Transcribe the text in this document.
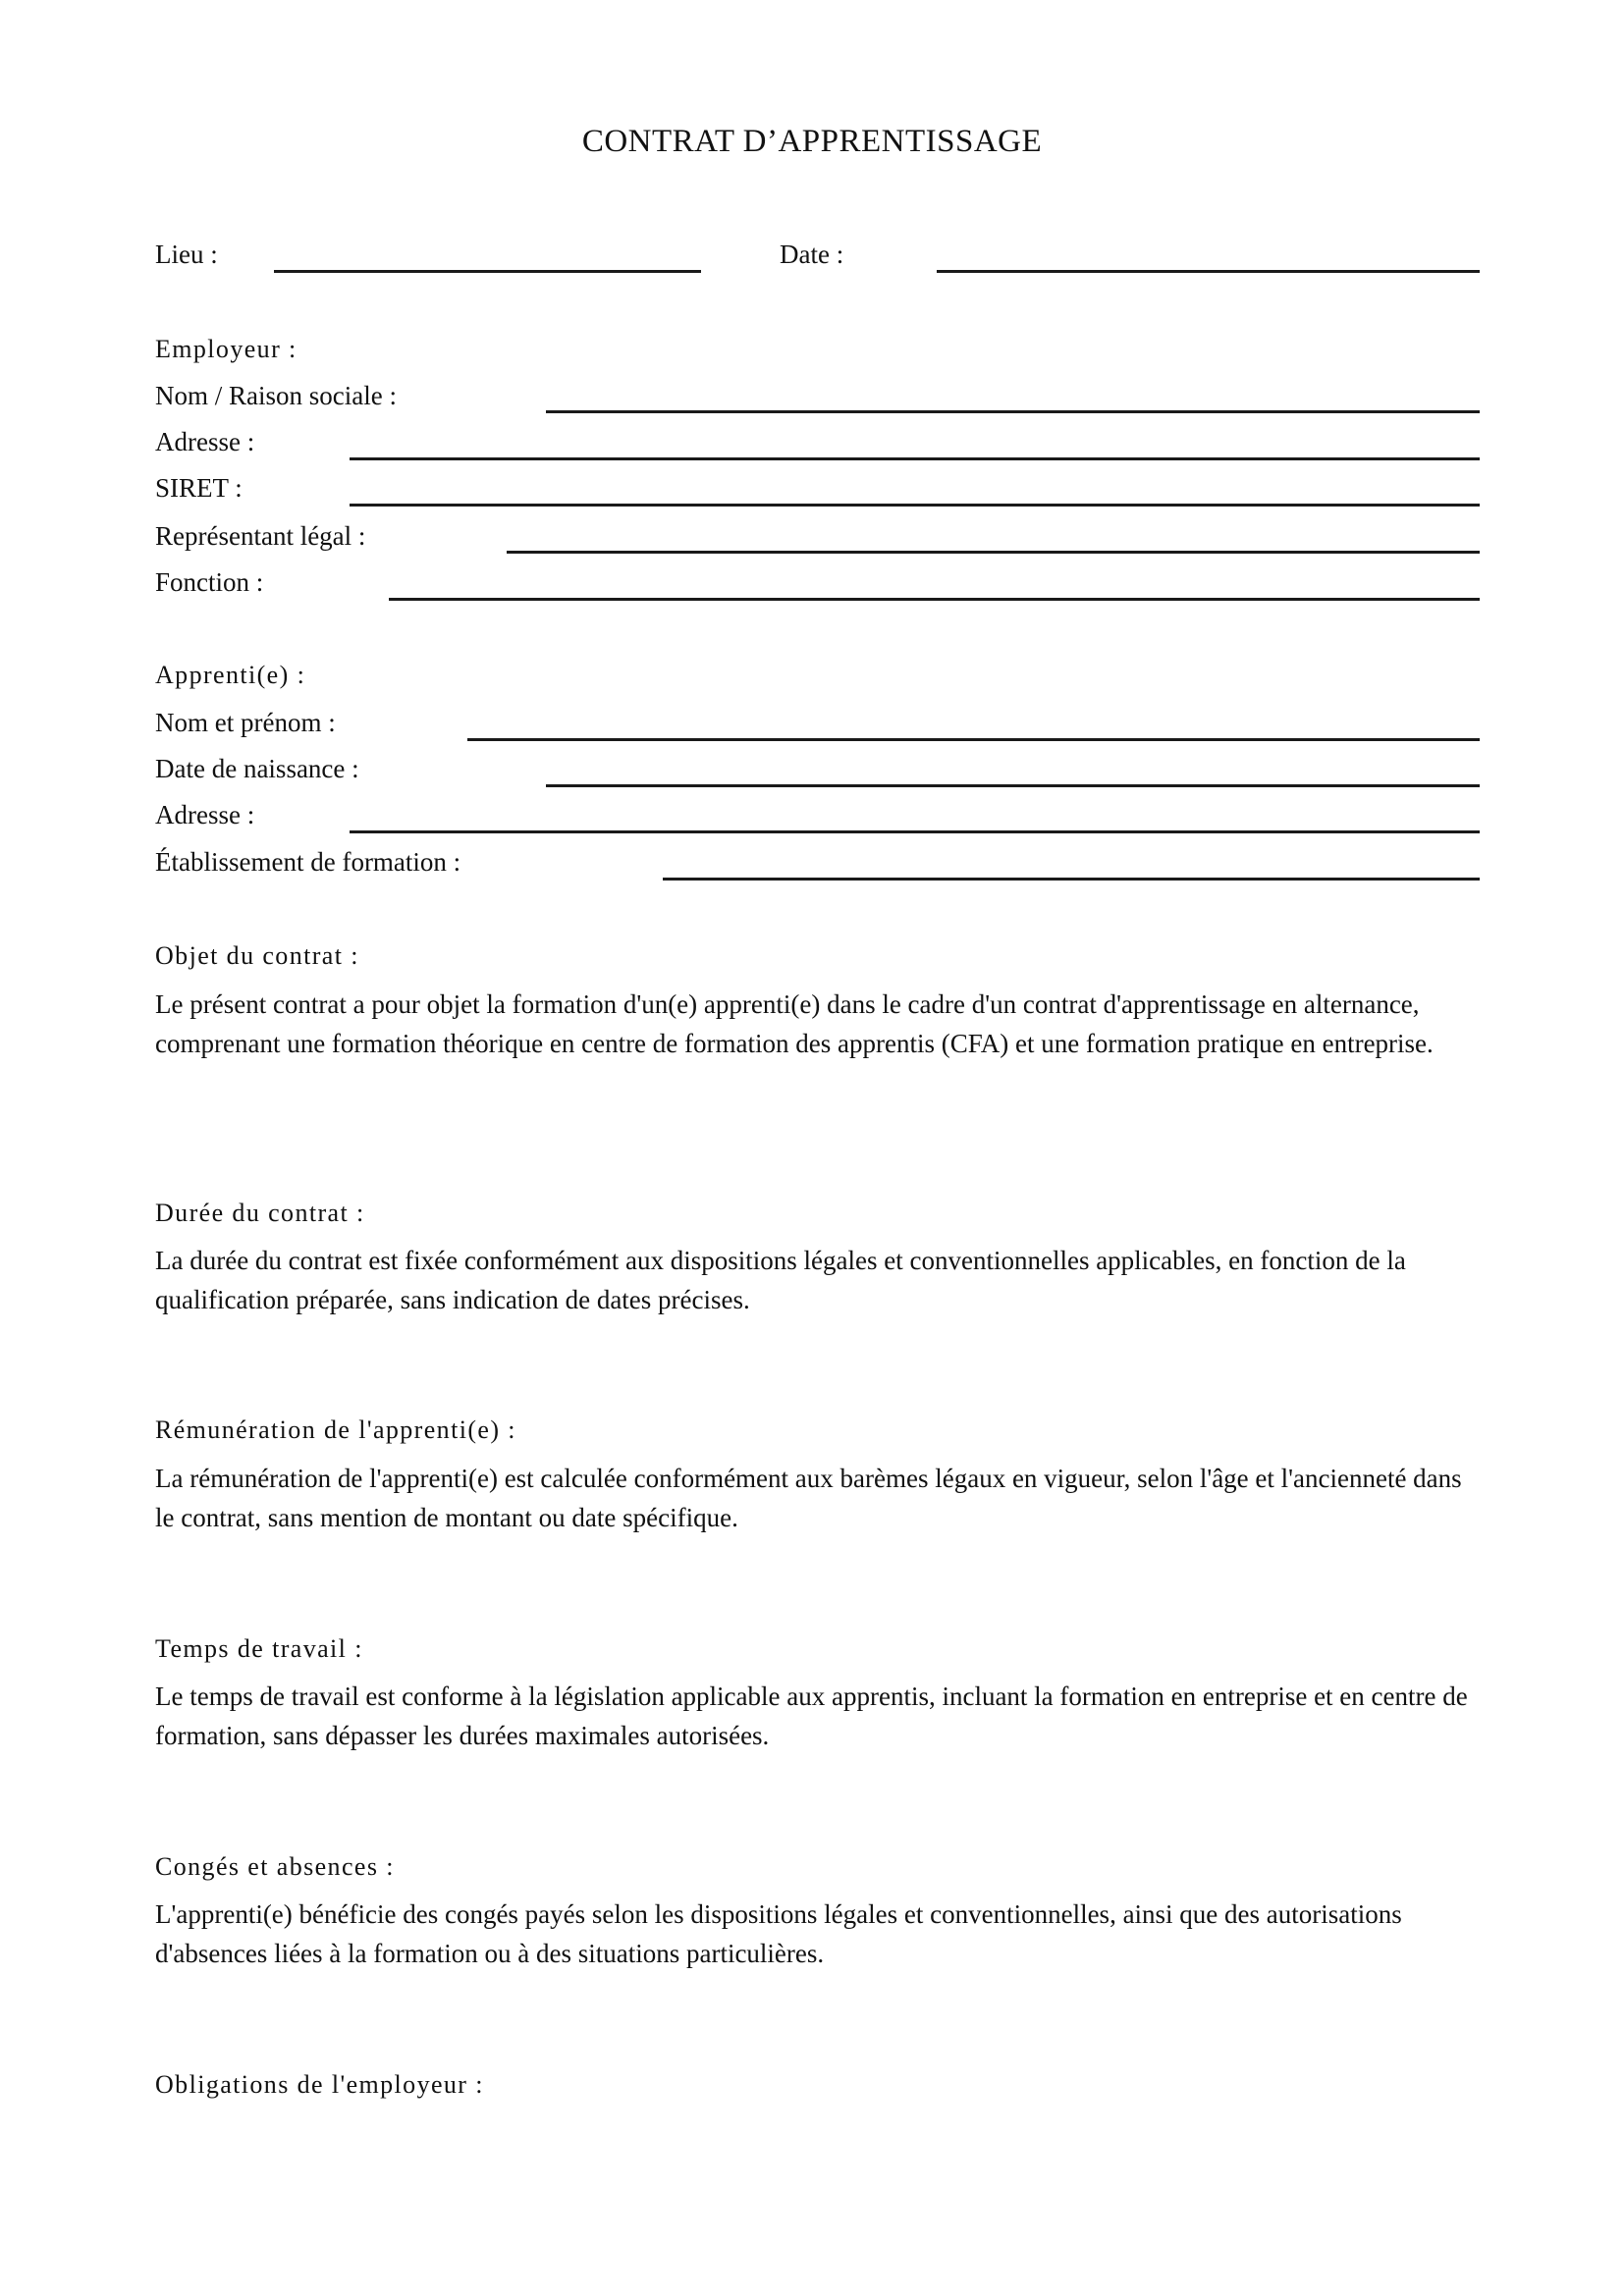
CONTRAT D’APPRENTISSAGE
Lieu :	Date :
Employeur :
Nom / Raison sociale :
Adresse :
SIRET :
Représentant légal :
Fonction :
Apprenti(e) :
Nom et prénom :
Date de naissance :
Adresse :
Établissement de formation :
Objet du contrat :
Le présent contrat a pour objet la formation d'un(e) apprenti(e) dans le cadre d'un contrat d'apprentissage en alternance, comprenant une formation théorique en centre de formation des apprentis (CFA) et une formation pratique en entreprise.
Durée du contrat :
La durée du contrat est fixée conformément aux dispositions légales et conventionnelles applicables, en fonction de la qualification préparée, sans indication de dates précises.
Rémunération de l'apprenti(e) :
La rémunération de l'apprenti(e) est calculée conformément aux barèmes légaux en vigueur, selon l'âge et l'ancienneté dans le contrat, sans mention de montant ou date spécifique.
Temps de travail :
Le temps de travail est conforme à la législation applicable aux apprentis, incluant la formation en entreprise et en centre de formation, sans dépasser les durées maximales autorisées.
Congés et absences :
L'apprenti(e) bénéficie des congés payés selon les dispositions légales et conventionnelles, ainsi que des autorisations d'absences liées à la formation ou à des situations particulières.
Obligations de l'employeur :
